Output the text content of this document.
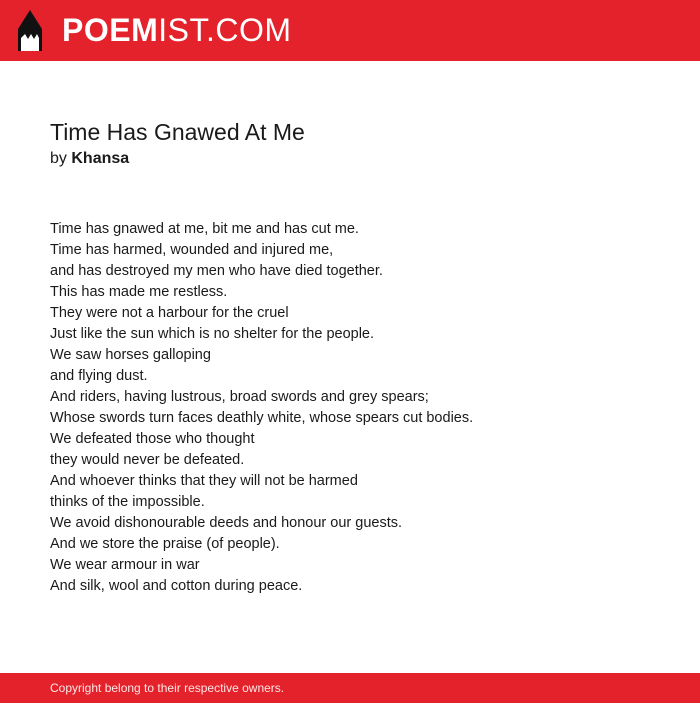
POEMIST.COM
Time Has Gnawed At Me
by Khansa
Time has gnawed at me, bit me and has cut me.
Time has harmed, wounded and injured me,
and has destroyed my men who have died together.
This has made me restless.
They were not a harbour for the cruel
Just like the sun which is no shelter for the people.
We saw horses galloping
and flying dust.
And riders, having lustrous, broad swords and grey spears;
Whose swords turn faces deathly white, whose spears cut bodies.
We defeated those who thought
they would never be defeated.
And whoever thinks that they will not be harmed
thinks of the impossible.
We avoid dishonourable deeds and honour our guests.
And we store the praise (of people).
We wear armour in war
And silk, wool and cotton during peace.
Copyright belong to their respective owners.
